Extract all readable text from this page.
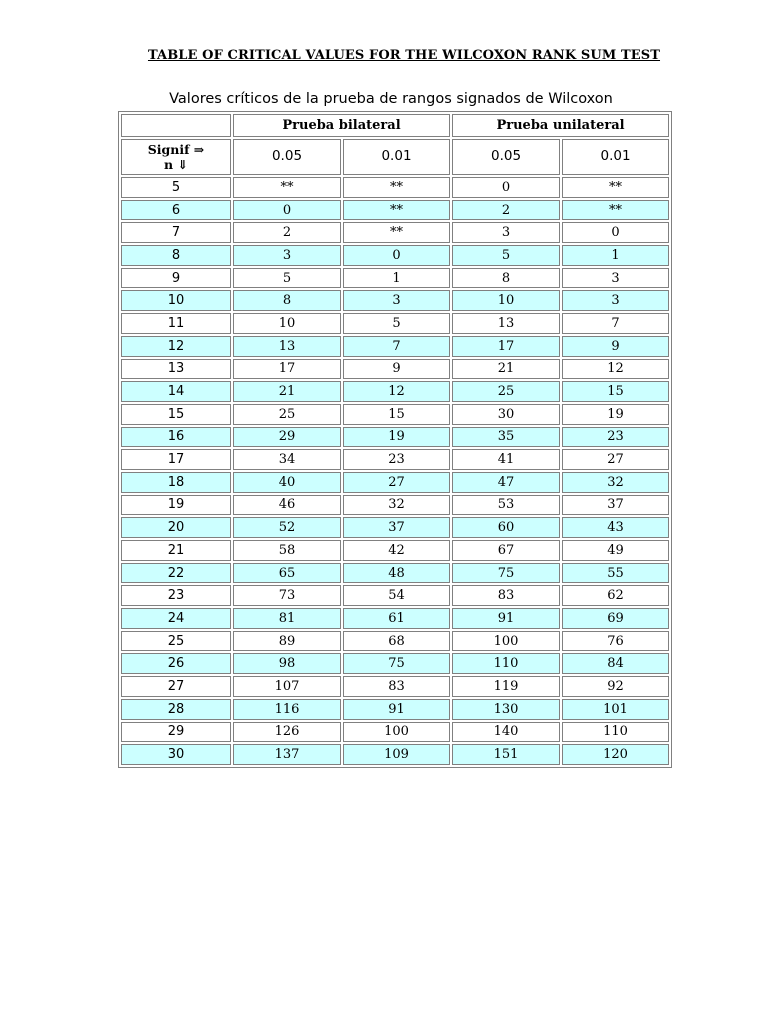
TABLE OF CRITICAL VALUES FOR THE WILCOXON RANK SUM TEST
Valores críticos de la prueba de rangos signados de Wilcoxon
	Prueba bilateral		Prueba unilateral	
Signif ⇒
n ⇓	0.05	0.01	0.05	0.01
5	**	**	0	**
6	0	**	2	**
7	2	**	3	0
8	3	0	5	1
9	5	1	8	3
10	8	3	10	3
11	10	5	13	7
12	13	7	17	9
13	17	9	21	12
14	21	12	25	15
15	25	15	30	19
16	29	19	35	23
17	34	23	41	27
18	40	27	47	32
19	46	32	53	37
20	52	37	60	43
21	58	42	67	49
22	65	48	75	55
23	73	54	83	62
24	81	61	91	69
25	89	68	100	76
26	98	75	110	84
27	107	83	119	92
28	116	91	130	101
29	126	100	140	110
30	137	109	151	120
